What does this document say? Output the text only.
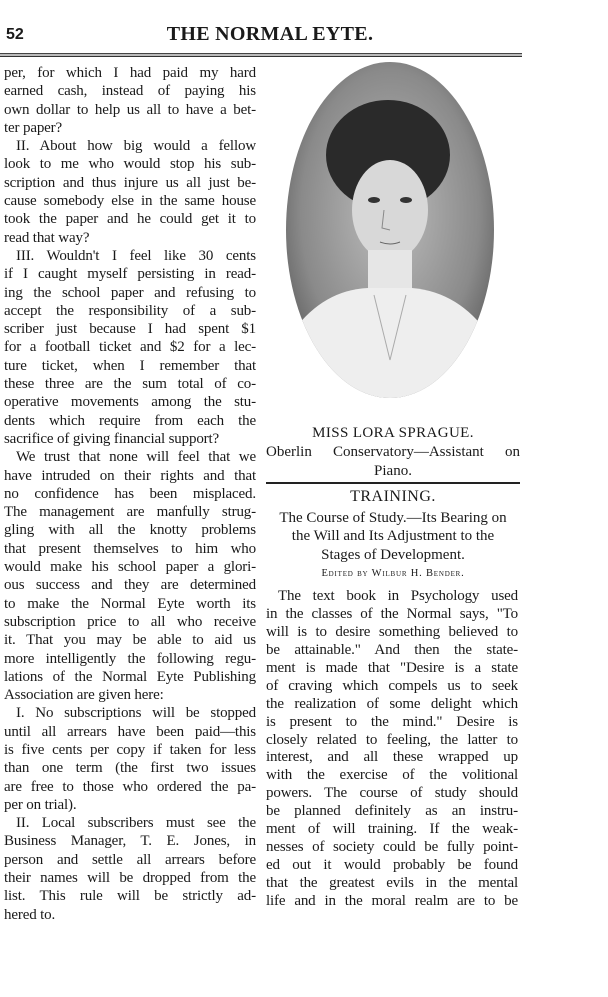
52	THE NORMAL EYTE.
per, for which I had paid my hard
earned cash, instead of paying his
own dollar to help us all to have a bet-
ter paper?
II. About how big would a fellow
look to me who would stop his sub-
scription and thus injure us all just be-
cause somebody else in the same house
took the paper and he could get it to
read that way?
III. Wouldn't I feel like 30 cents
if I caught myself persisting in read-
ing the school paper and refusing to
accept the responsibility of a sub-
scriber just because I had spent $1
for a football ticket and $2 for a lec-
ture ticket, when I remember that
these three are the sum total of co-
operative movements among the stu-
dents which require from each the
sacrifice of giving financial support?
We trust that none will feel that we
have intruded on their rights and that
no confidence has been misplaced.
The management are manfully strug-
gling with all the knotty problems
that present themselves to him who
would make his school paper a glori-
ous success and they are determined
to make the Normal Eyte worth its
subscription price to all who receive
it. That you may be able to aid us
more intelligently the following regu-
lations of the Normal Eyte Publishing
Association are given here:
I. No subscriptions will be stopped
until all arrears have been paid—this
is five cents per copy if taken for less
than one term (the first two issues
are free to those who ordered the pa-
per on trial).
II. Local subscribers must see the
Business Manager, T. E. Jones, in
person and settle all arrears before
their names will be dropped from the
list. This rule will be strictly ad-
hered to.
MISS LORA SPRAGUE.
Oberlin Conservatory—Assistant on
Piano.
TRAINING.
The Course of Study.—Its Bearing on
the Will and Its Adjustment to the
Stages of Development.
Edited by Wilbur H. Bender.
The text book in Psychology used
in the classes of the Normal says, "To
will is to desire something believed to
be attainable." And then the state-
ment is made that "Desire is a state
of craving which compels us to seek
the realization of some delight which
is present to the mind." Desire is
closely related to feeling, the latter to
interest, and all these wrapped up
with the exercise of the volitional
powers. The course of study should
be planned definitely as an instru-
ment of will training. If the weak-
nesses of society could be fully point-
ed out it would probably be found
that the greatest evils in the mental
life and in the moral realm are to be
